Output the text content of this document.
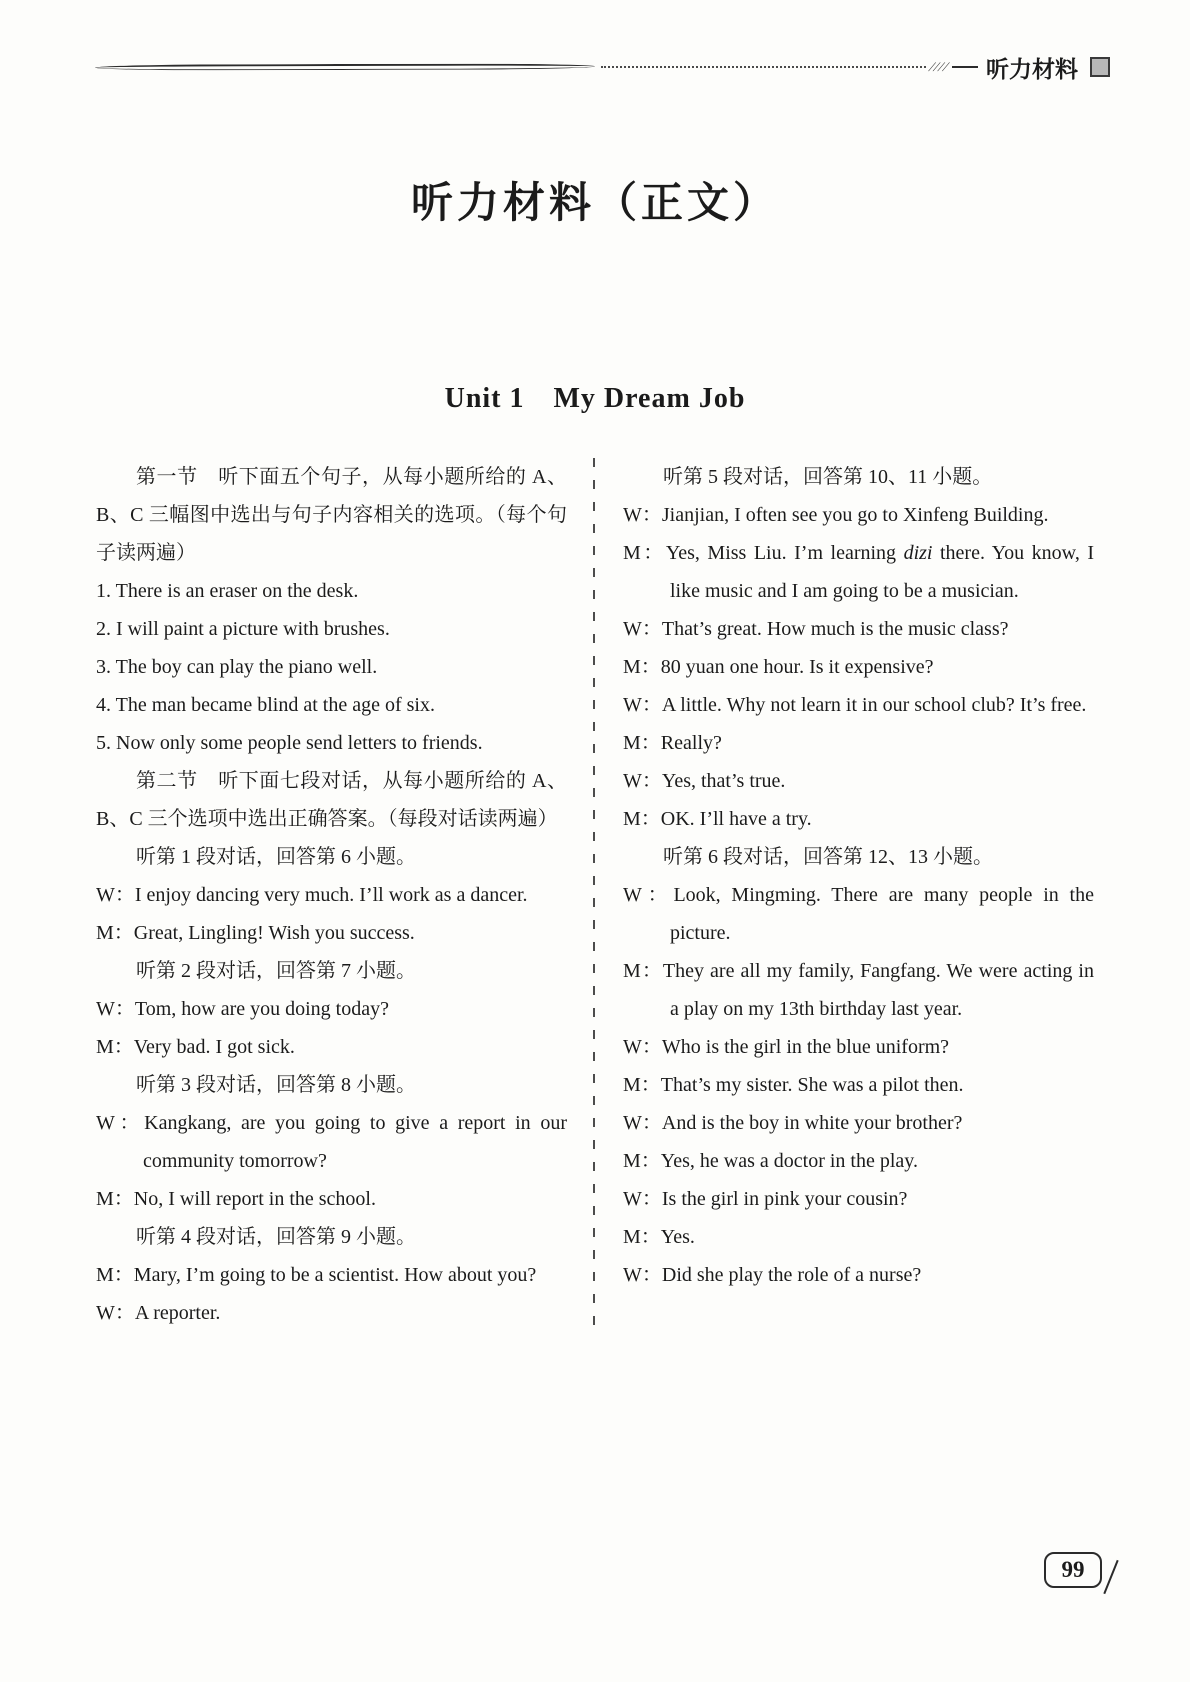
//// 听力材料
听力材料（正文）
Unit 1　My Dream Job

第一节　听下面五个句子，从每小题所给的 A、B、C 三幅图中选出与句子内容相关的选项。（每个句子读两遍）

1. There is an eraser on the desk.

2. I will paint a picture with brushes.

3. The boy can play the piano well.

4. The man became blind at the age of six.

5. Now only some people send letters to friends.

第二节　听下面七段对话，从每小题所给的 A、B、C 三个选项中选出正确答案。（每段对话读两遍）

听第 1 段对话，回答第 6 小题。

W：I enjoy dancing very much. I’ll work as a dancer.

M：Great, Lingling! Wish you success.

听第 2 段对话，回答第 7 小题。

W：Tom, how are you doing today?

M：Very bad. I got sick.

听第 3 段对话，回答第 8 小题。

W：Kangkang, are you going to give a report in our community tomorrow?

M：No, I will report in the school.

听第 4 段对话，回答第 9 小题。

M：Mary, I’m going to be a scientist. How about you?

W：A reporter.

听第 5 段对话，回答第 10、11 小题。

W：Jianjian, I often see you go to Xinfeng Building.

M：Yes, Miss Liu. I’m learning dizi there. You know, I like music and I am going to be a musician.

W：That’s great. How much is the music class?

M：80 yuan one hour. Is it expensive?

W：A little. Why not learn it in our school club? It’s free.

M：Really?

W：Yes, that’s true.

M：OK. I’ll have a try.

听第 6 段对话，回答第 12、13 小题。

W：Look, Mingming. There are many people in the picture.

M：They are all my family, Fangfang. We were acting in a play on my 13th birthday last year.

W：Who is the girl in the blue uniform?

M：That’s my sister. She was a pilot then.

W：And is the boy in white your brother?

M：Yes, he was a doctor in the play.

W：Is the girl in pink your cousin?

M：Yes.

W：Did she play the role of a nurse?

99
